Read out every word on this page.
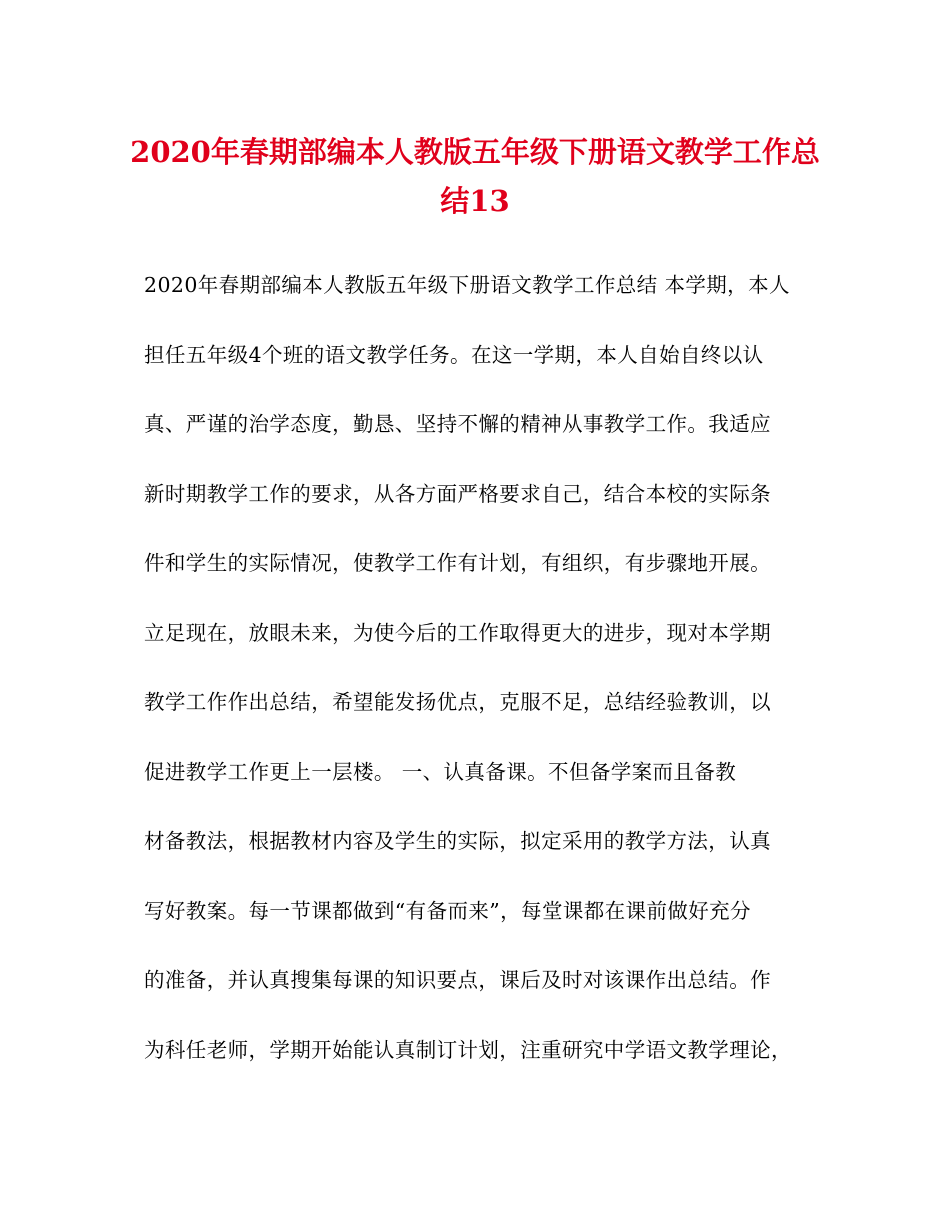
2020年春期部编本人教版五年级下册语文教学工作总
结13
2020年春期部编本人教版五年级下册语文教学工作总结 本学期，本人
担任五年级4个班的语文教学任务。在这一学期，本人自始自终以认
真、严谨的治学态度，勤恳、坚持不懈的精神从事教学工作。我适应
新时期教学工作的要求，从各方面严格要求自己，结合本校的实际条
件和学生的实际情况，使教学工作有计划，有组织，有步骤地开展。
立足现在，放眼未来，为使今后的工作取得更大的进步，现对本学期
教学工作作出总结，希望能发扬优点，克服不足，总结经验教训，以
促进教学工作更上一层楼。 一、认真备课。不但备学案而且备教
材备教法，根据教材内容及学生的实际，拟定采用的教学方法，认真
写好教案。每一节课都做到“有备而来”，每堂课都在课前做好充分
的准备，并认真搜集每课的知识要点，课后及时对该课作出总结。作
为科任老师，学期开始能认真制订计划，注重研究中学语文教学理论，
